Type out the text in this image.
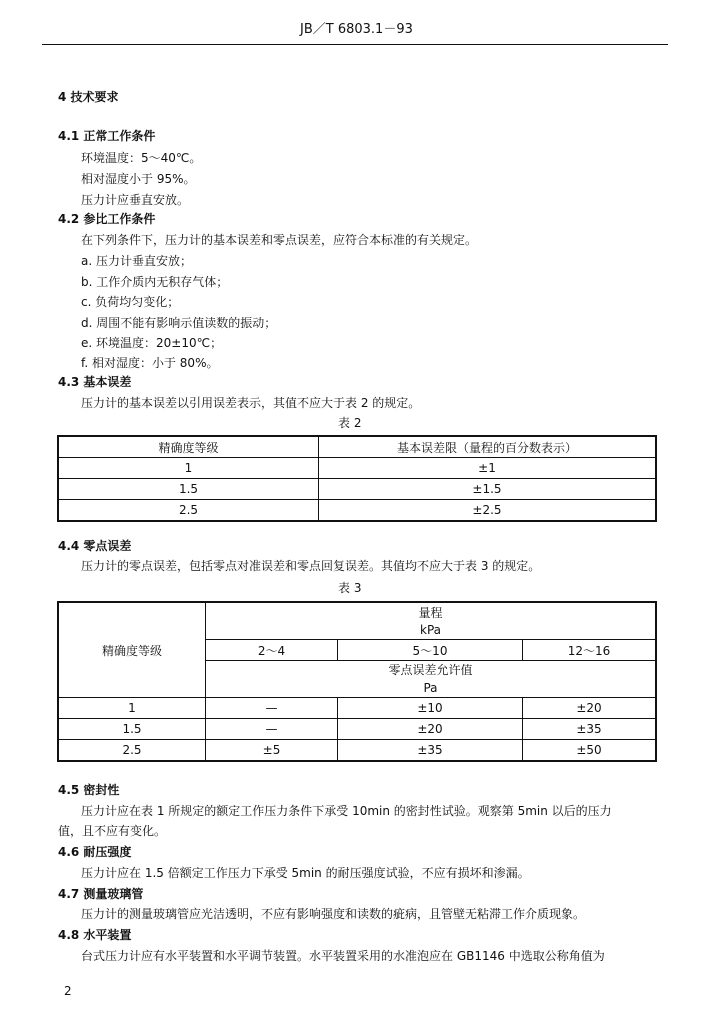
JB／T 6803.1－93
4 技术要求
4.1 正常工作条件
环境温度：5～40℃。
相对湿度小于 95%。
压力计应垂直安放。
4.2 参比工作条件
在下列条件下，压力计的基本误差和零点误差，应符合本标准的有关规定。
a. 压力计垂直安放；
b. 工作介质内无积存气体；
c. 负荷均匀变化；
d. 周围不能有影响示值读数的振动；
e. 环境温度：20±10℃；
f. 相对湿度：小于 80%。
4.3 基本误差
压力计的基本误差以引用误差表示，其值不应大于表 2 的规定。
表 2
精确度等级	基本误差限（量程的百分数表示）
1	±1
1.5	±1.5
2.5	±2.5
4.4 零点误差
压力计的零点误差，包括零点对准误差和零点回复误差。其值均不应大于表 3 的规定。
表 3
精确度等级	量程		
	kPa		
	2～4	5～10	12～16

	零点误差允许值
Pa		

1	—	±10	±20
1.5	—	±20	±35
2.5	±5	±35	±50
4.5 密封性
压力计应在表 1 所规定的额定工作压力条件下承受 10min 的密封性试验。观察第 5min 以后的压力
值，且不应有变化。
4.6 耐压强度
压力计应在 1.5 倍额定工作压力下承受 5min 的耐压强度试验，不应有损坏和渗漏。
4.7 测量玻璃管
压力计的测量玻璃管应光洁透明，不应有影响强度和读数的疵病，且管壁无粘滞工作介质现象。
4.8 水平装置
台式压力计应有水平装置和水平调节装置。水平装置采用的水准泡应在 GB1146 中选取公称角值为
2
